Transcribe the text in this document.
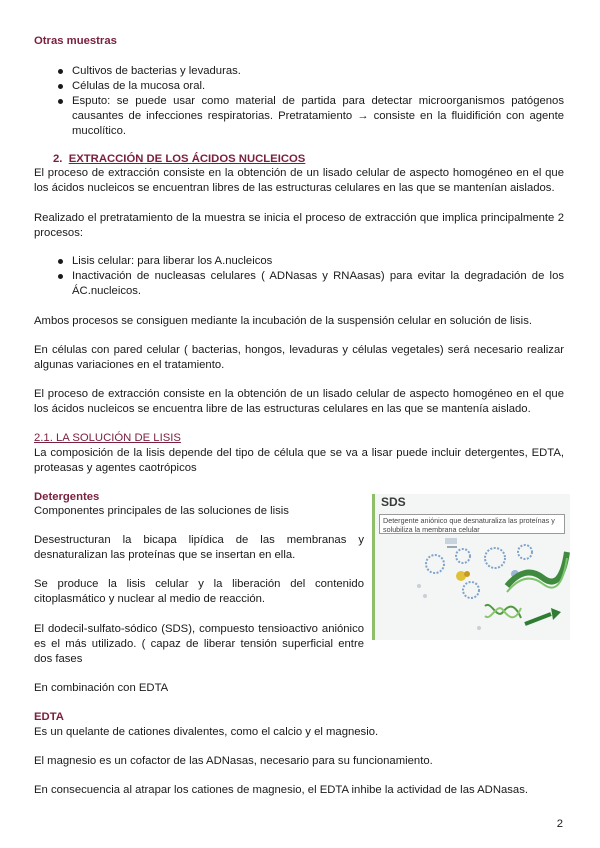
Otras muestras
Cultivos de bacterias y levaduras.
Células de la mucosa oral.
Esputo: se puede usar como material de partida para detectar microorganismos patógenos causantes de infecciones respiratorias. Pretratamiento → consiste en la fluidifición con agente mucolítico.
2. EXTRACCIÓN DE LOS ÁCIDOS NUCLEICOS
El proceso de extracción consiste en la obtención de un lisado celular de aspecto homogéneo en el que los ácidos nucleicos se encuentran libres de las estructuras celulares en las que se mantenían aislados.
Realizado el pretratamiento de la muestra se inicia el proceso de extracción que implica principalmente 2 procesos:
Lisis celular: para liberar los A.nucleicos
Inactivación de nucleasas celulares ( ADNasas y RNAasas) para evitar la degradación de los ÁC.nucleicos.
Ambos procesos se consiguen mediante la incubación de la suspensión celular en solución de lisis.
En células con pared celular ( bacterias, hongos, levaduras y células vegetales) será necesario realizar algunas variaciones en el tratamiento.
El proceso de extracción consiste en la obtención de un lisado celular de aspecto homogéneo en el que los ácidos nucleicos se encuentra libre de las estructuras celulares en las que se mantenía aislado.
2.1. LA SOLUCIÓN DE LISIS
La composición de la lisis depende del tipo de célula que se va a lisar puede incluir detergentes, EDTA, proteasas y agentes caotrópicos
Detergentes
Componentes principales de las soluciones de lisis
Desestructuran la bicapa lipídica de las membranas y desnaturalizan las proteínas que se insertan en ella.
Se produce la lisis celular y la liberación del contenido citoplasmático y nuclear al medio de reacción.
El dodecil-sulfato-sódico (SDS), compuesto tensioactivo aniónico es el más utilizado. ( capaz de liberar tensión superficial entre dos fases
En combinación con EDTA
SDS
Detergente aniónico que desnaturaliza las proteínas y solubiliza la membrana celular
EDTA
Es un quelante de cationes divalentes, como el calcio y el magnesio.
El magnesio es un cofactor de las ADNasas, necesario para su funcionamiento.
En consecuencia al atrapar los cationes de magnesio, el EDTA inhibe la actividad de las ADNasas.
2
